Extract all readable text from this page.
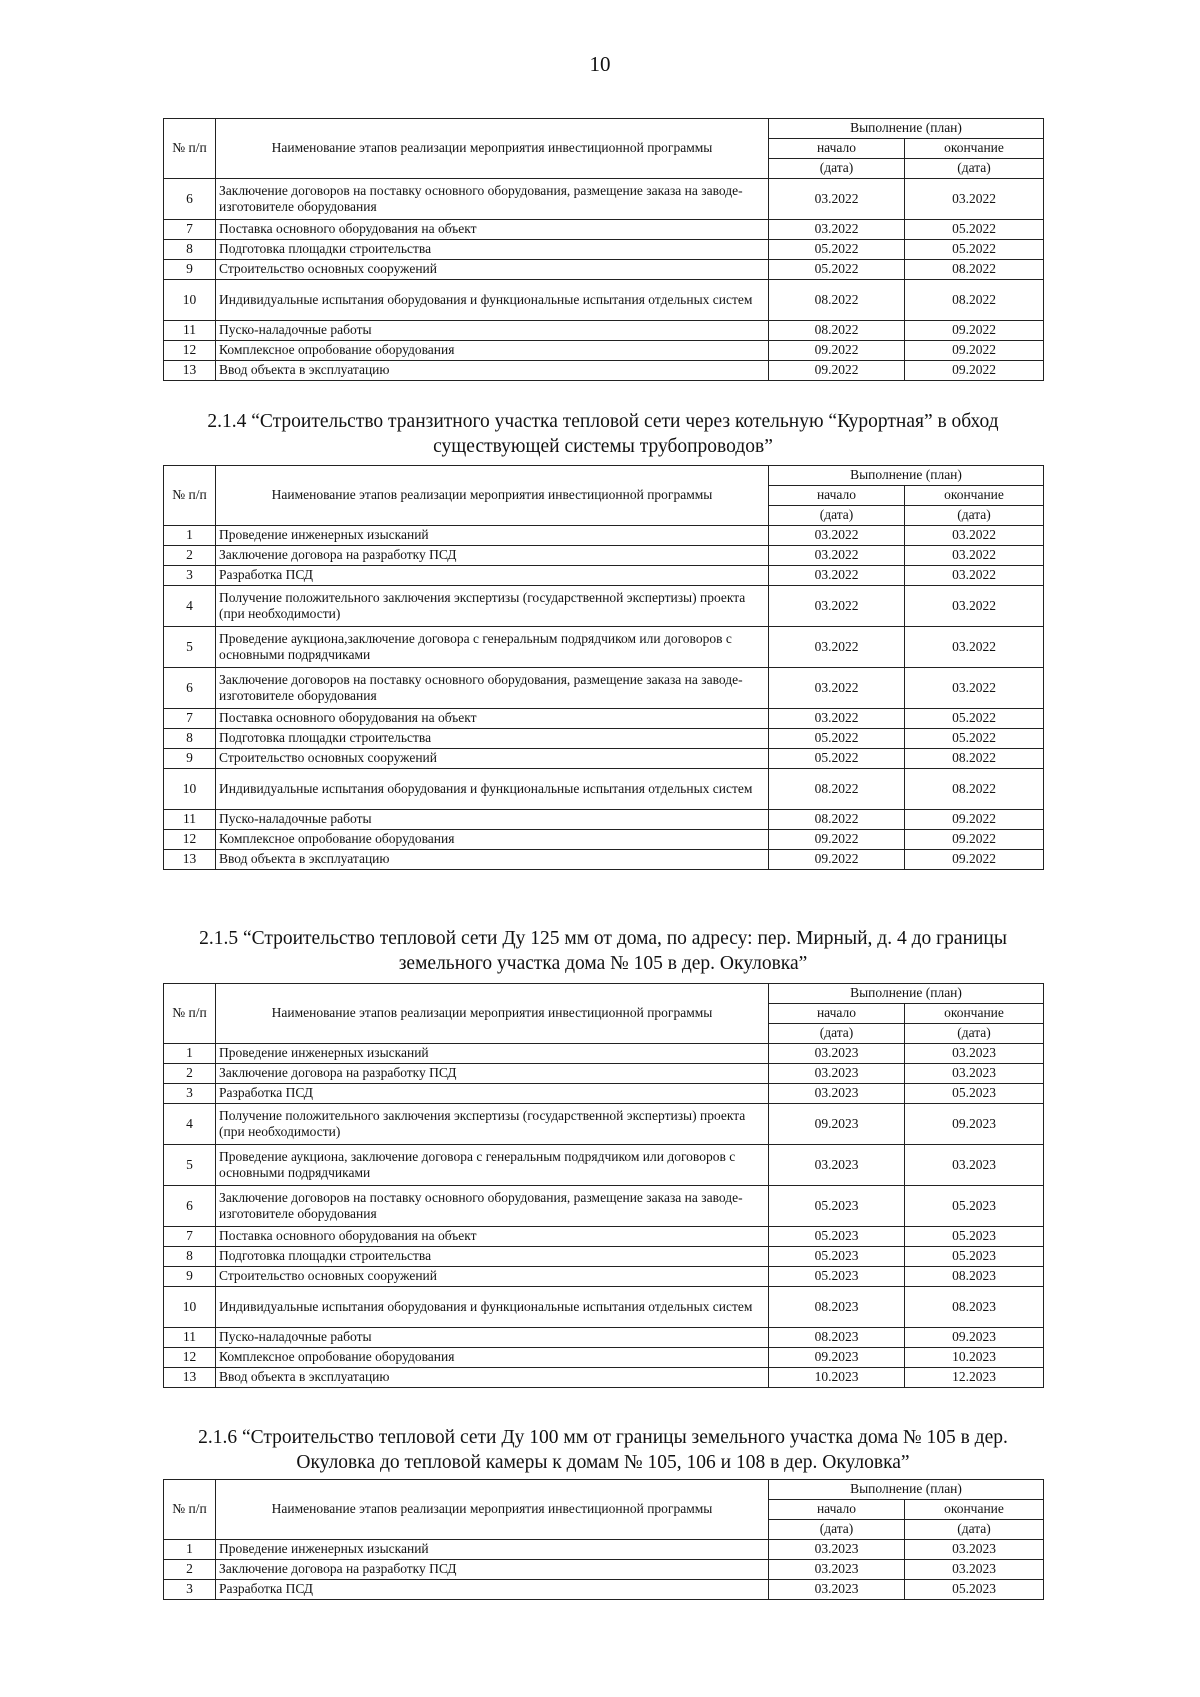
10
№ п/п	Наименование этапов реализации мероприятия инвестиционной программы	Выполнение (план)	
		начало	окончание
		(дата)	(дата)
6	Заключение договоров на поставку основного оборудования, размещение заказа на заводе-изготовителе оборудования	03.2022	03.2022
7	Поставка основного оборудования на объект	03.2022	05.2022
8	Подготовка площадки строительства	05.2022	05.2022
9	Строительство основных сооружений	05.2022	08.2022
10	Индивидуальные испытания оборудования и функциональные испытания отдельных систем	08.2022	08.2022
11	Пуско-наладочные работы	08.2022	09.2022
12	Комплексное опробование оборудования	09.2022	09.2022
13	Ввод объекта в эксплуатацию	09.2022	09.2022
2.1.4 “Строительство транзитного участка тепловой сети через котельную “Курортная” в обход существующей системы трубопроводов”
№ п/п	Наименование этапов реализации мероприятия инвестиционной программы	Выполнение (план)	
		начало	окончание
		(дата)	(дата)
1	Проведение инженерных изысканий	03.2022	03.2022
2	Заключение договора на разработку ПСД	03.2022	03.2022
3	Разработка ПСД	03.2022	03.2022
4	Получение положительного заключения экспертизы (государственной экспертизы) проекта (при необходимости)	03.2022	03.2022
5	Проведение аукциона,заключение договора с генеральным подрядчиком или договоров с основными подрядчиками	03.2022	03.2022
6	Заключение договоров на поставку основного оборудования, размещение заказа на заводе-изготовителе оборудования	03.2022	03.2022
7	Поставка основного оборудования на объект	03.2022	05.2022
8	Подготовка площадки строительства	05.2022	05.2022
9	Строительство основных сооружений	05.2022	08.2022
10	Индивидуальные испытания оборудования и функциональные испытания отдельных систем	08.2022	08.2022
11	Пуско-наладочные работы	08.2022	09.2022
12	Комплексное опробование оборудования	09.2022	09.2022
13	Ввод объекта в эксплуатацию	09.2022	09.2022
2.1.5 “Строительство тепловой сети Ду 125 мм от дома, по адресу: пер. Мирный, д. 4 до границы земельного участка дома № 105 в дер. Окуловка”
№ п/п	Наименование этапов реализации мероприятия инвестиционной программы	Выполнение (план)	
		начало	окончание
		(дата)	(дата)
1	Проведение инженерных изысканий	03.2023	03.2023
2	Заключение договора на разработку ПСД	03.2023	03.2023
3	Разработка ПСД	03.2023	05.2023
4	Получение положительного заключения экспертизы (государственной экспертизы) проекта (при необходимости)	09.2023	09.2023
5	Проведение аукциона, заключение договора с генеральным подрядчиком или договоров с основными подрядчиками	03.2023	03.2023
6	Заключение договоров на поставку основного оборудования, размещение заказа на заводе-изготовителе оборудования	05.2023	05.2023
7	Поставка основного оборудования на объект	05.2023	05.2023
8	Подготовка площадки строительства	05.2023	05.2023
9	Строительство основных сооружений	05.2023	08.2023
10	Индивидуальные испытания оборудования и функциональные испытания отдельных систем	08.2023	08.2023
11	Пуско-наладочные работы	08.2023	09.2023
12	Комплексное опробование оборудования	09.2023	10.2023
13	Ввод объекта в эксплуатацию	10.2023	12.2023
2.1.6 “Строительство тепловой сети Ду 100 мм от границы земельного участка дома № 105 в дер. Окуловка до тепловой камеры к домам № 105, 106 и 108 в дер. Окуловка”
№ п/п	Наименование этапов реализации мероприятия инвестиционной программы	Выполнение (план)	
		начало	окончание
		(дата)	(дата)
1	Проведение инженерных изысканий	03.2023	03.2023
2	Заключение договора на разработку ПСД	03.2023	03.2023
3	Разработка ПСД	03.2023	05.2023
